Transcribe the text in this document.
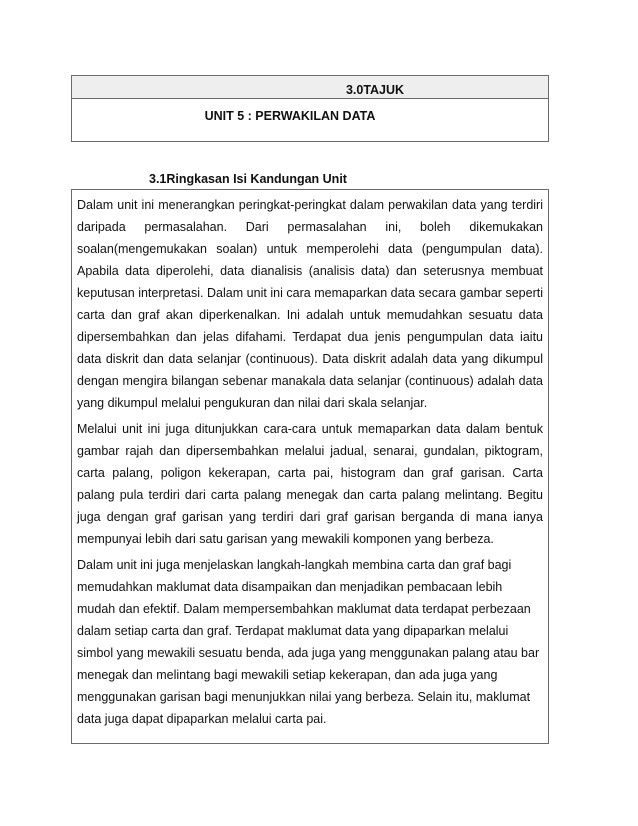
3.0TAJUK
UNIT 5 : PERWAKILAN DATA
3.1Ringkasan Isi Kandungan Unit

Dalam unit ini menerangkan peringkat-peringkat dalam perwakilan data yang terdiri daripada permasalahan. Dari permasalahan ini, boleh dikemukakan soalan(mengemukakan soalan) untuk memperolehi data (pengumpulan data). Apabila data diperolehi, data dianalisis (analisis data) dan seterusnya membuat keputusan interpretasi. Dalam unit ini cara memaparkan data secara gambar seperti carta dan graf akan diperkenalkan. Ini adalah untuk memudahkan sesuatu data dipersembahkan dan jelas difahami. Terdapat dua jenis pengumpulan data iaitu data diskrit dan data selanjar (continuous). Data diskrit adalah data yang dikumpul dengan mengira bilangan sebenar manakala data selanjar (continuous) adalah data yang dikumpul melalui pengukuran dan nilai dari skala selanjar.

Melalui unit ini juga ditunjukkan cara-cara untuk memaparkan data dalam bentuk gambar rajah dan dipersembahkan melalui jadual, senarai, gundalan, piktogram, carta palang, poligon kekerapan, carta pai, histogram dan graf garisan. Carta palang pula terdiri dari carta palang menegak dan carta palang melintang. Begitu juga dengan graf garisan yang terdiri dari graf garisan berganda di mana ianya mempunyai lebih dari satu garisan yang mewakili komponen yang berbeza.

Dalam unit ini juga menjelaskan langkah-langkah membina carta dan graf bagi memudahkan maklumat data disampaikan dan menjadikan pembacaan lebih mudah dan efektif. Dalam mempersembahkan maklumat data terdapat perbezaan dalam setiap carta dan graf. Terdapat maklumat data yang dipaparkan melalui simbol yang mewakili sesuatu benda, ada juga yang menggunakan palang atau bar menegak dan melintang bagi mewakili setiap kekerapan, dan ada juga yang menggunakan garisan bagi menunjukkan nilai yang berbeza. Selain itu, maklumat data juga dapat dipaparkan melalui carta pai.
